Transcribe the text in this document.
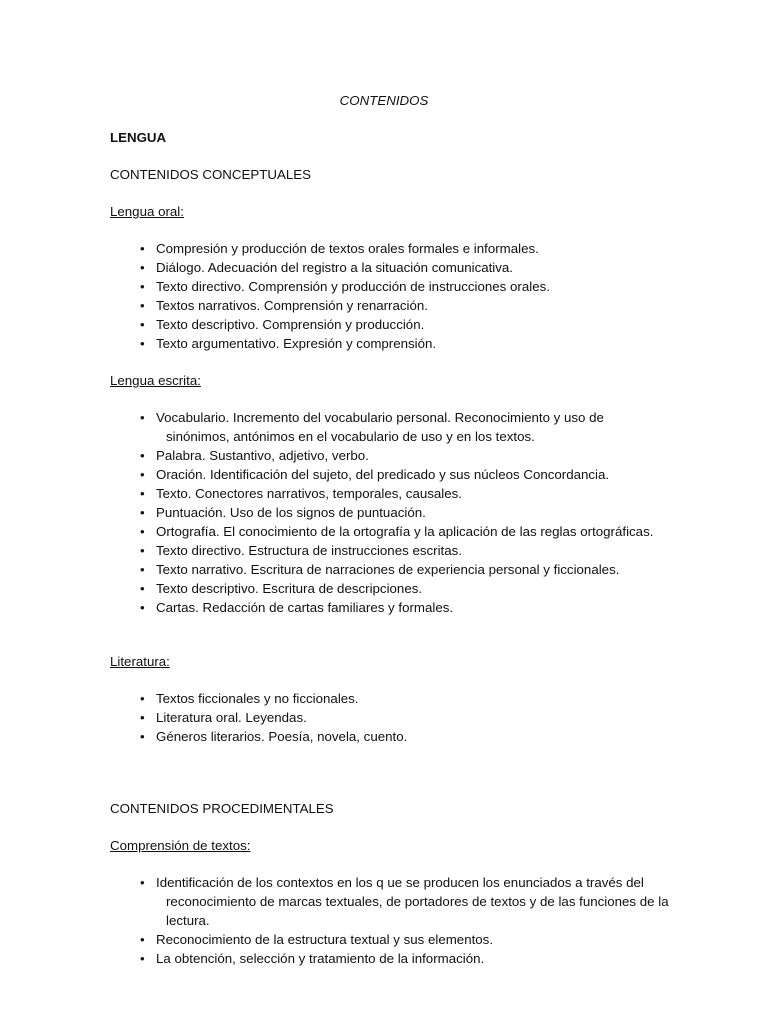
CONTENIDOS
LENGUA
CONTENIDOS CONCEPTUALES
Lengua oral:
• Compresión y producción de textos orales formales e informales.
• Diálogo. Adecuación del registro a la situación comunicativa.
• Texto directivo. Comprensión y producción de instrucciones orales.
• Textos narrativos. Comprensión y renarración.
• Texto descriptivo. Comprensión y producción.
• Texto argumentativo. Expresión y comprensión.
Lengua escrita:
• Vocabulario. Incremento del vocabulario personal. Reconocimiento y uso de sinónimos, antónimos en el vocabulario de uso y en los textos.
• Palabra. Sustantivo, adjetivo, verbo.
• Oración. Identificación del sujeto, del predicado y sus núcleos Concordancia.
• Texto. Conectores narrativos, temporales, causales.
• Puntuación. Uso de los signos de puntuación.
• Ortografía. El conocimiento de la ortografía y la aplicación de las reglas ortográficas.
• Texto directivo. Estructura de instrucciones escritas.
• Texto narrativo. Escritura de narraciones de experiencia personal y ficcionales.
• Texto descriptivo. Escritura de descripciones.
• Cartas. Redacción de cartas familiares y formales.
Literatura:
• Textos ficcionales y no ficcionales.
• Literatura oral. Leyendas.
• Géneros literarios. Poesía, novela, cuento.
CONTENIDOS PROCEDIMENTALES
Comprensión de textos:
• Identificación de los contextos en los q ue se producen los enunciados a través del reconocimiento de marcas textuales, de portadores de textos y de las funciones de la lectura.
• Reconocimiento de la estructura textual y sus elementos.
• La obtención, selección y tratamiento de la información.
